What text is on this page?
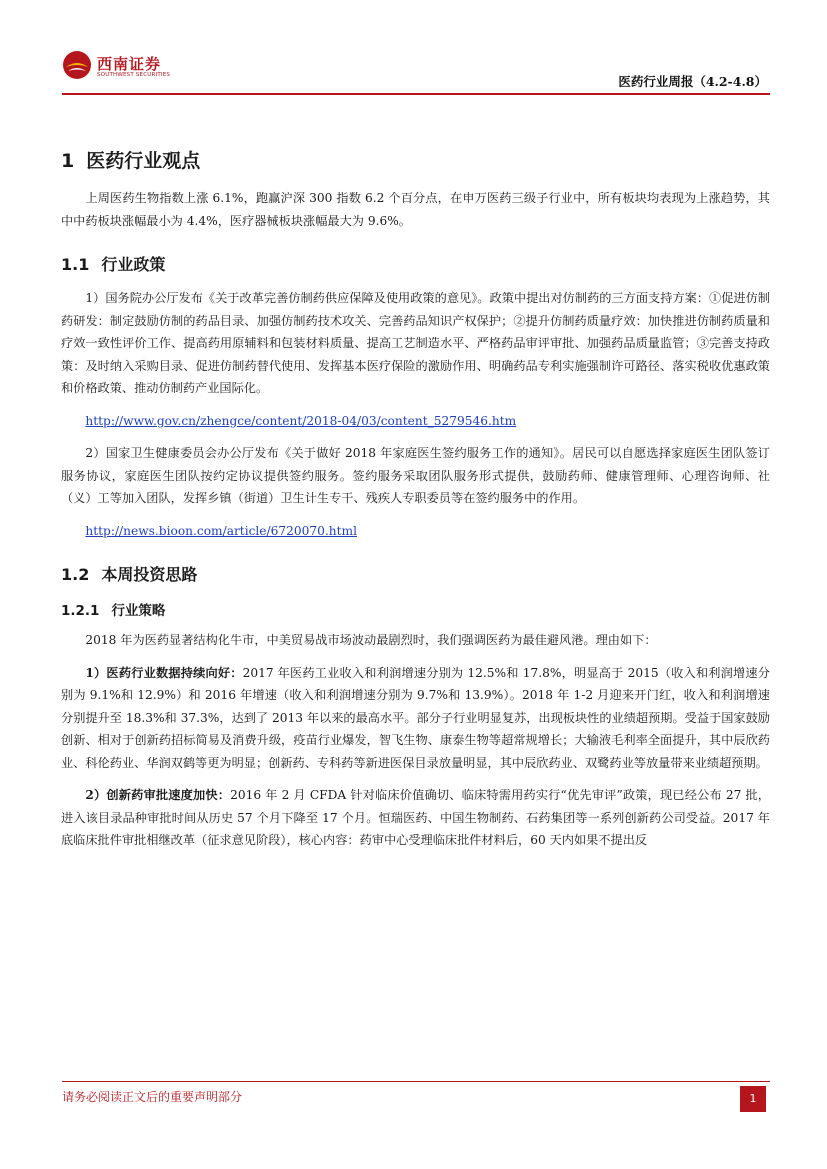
西南证券
SOUTHWEST SECURITIES	医药行业周报（4.2-4.8）
1 医药行业观点

上周医药生物指数上涨 6.1%，跑赢沪深 300 指数 6.2 个百分点，在申万医药三级子行业中，所有板块均表现为上涨趋势，其中中药板块涨幅最小为 4.4%，医疗器械板块涨幅最大为 9.6%。

1.1 行业政策

1）国务院办公厅发布《关于改革完善仿制药供应保障及使用政策的意见》。政策中提出对仿制药的三方面支持方案：①促进仿制药研发：制定鼓励仿制的药品目录、加强仿制药技术攻关、完善药品知识产权保护；②提升仿制药质量疗效：加快推进仿制药质量和疗效一致性评价工作、提高药用原辅料和包装材料质量、提高工艺制造水平、严格药品审评审批、加强药品质量监管；③完善支持政策：及时纳入采购目录、促进仿制药替代使用、发挥基本医疗保险的激励作用、明确药品专利实施强制许可路径、落实税收优惠政策和价格政策、推动仿制药产业国际化。

http://www.gov.cn/zhengce/content/2018-04/03/content_5279546.htm

2）国家卫生健康委员会办公厅发布《关于做好 2018 年家庭医生签约服务工作的通知》。居民可以自愿选择家庭医生团队签订服务协议，家庭医生团队按约定协议提供签约服务。签约服务采取团队服务形式提供，鼓励药师、健康管理师、心理咨询师、社（义）工等加入团队，发挥乡镇（街道）卫生计生专干、残疾人专职委员等在签约服务中的作用。

http://news.bioon.com/article/6720070.html

1.2 本周投资思路
1.2.1 行业策略

2018 年为医药显著结构化牛市，中美贸易战市场波动最剧烈时，我们强调医药为最佳避风港。理由如下：

1）医药行业数据持续向好：2017 年医药工业收入和利润增速分别为 12.5%和 17.8%，明显高于 2015（收入和利润增速分别为 9.1%和 12.9%）和 2016 年增速（收入和利润增速分别为 9.7%和 13.9%）。2018 年 1-2 月迎来开门红，收入和利润增速分别提升至 18.3%和 37.3%，达到了 2013 年以来的最高水平。部分子行业明显复苏，出现板块性的业绩超预期。受益于国家鼓励创新、相对于创新药招标简易及消费升级，疫苗行业爆发，智飞生物、康泰生物等超常规增长；大输液毛利率全面提升，其中辰欣药业、科伦药业、华润双鹤等更为明显；创新药、专科药等新进医保目录放量明显，其中辰欣药业、双鹭药业等放量带来业绩超预期。

2）创新药审批速度加快：2016 年 2 月 CFDA 针对临床价值确切、临床特需用药实行“优先审评”政策，现已经公布 27 批，进入该目录品种审批时间从历史 57 个月下降至 17 个月。恒瑞医药、中国生物制药、石药集团等一系列创新药公司受益。2017 年底临床批件审批相继改革（征求意见阶段），核心内容：药审中心受理临床批件材料后，60 天内如果不提出反

请务必阅读正文后的重要声明部分	1
